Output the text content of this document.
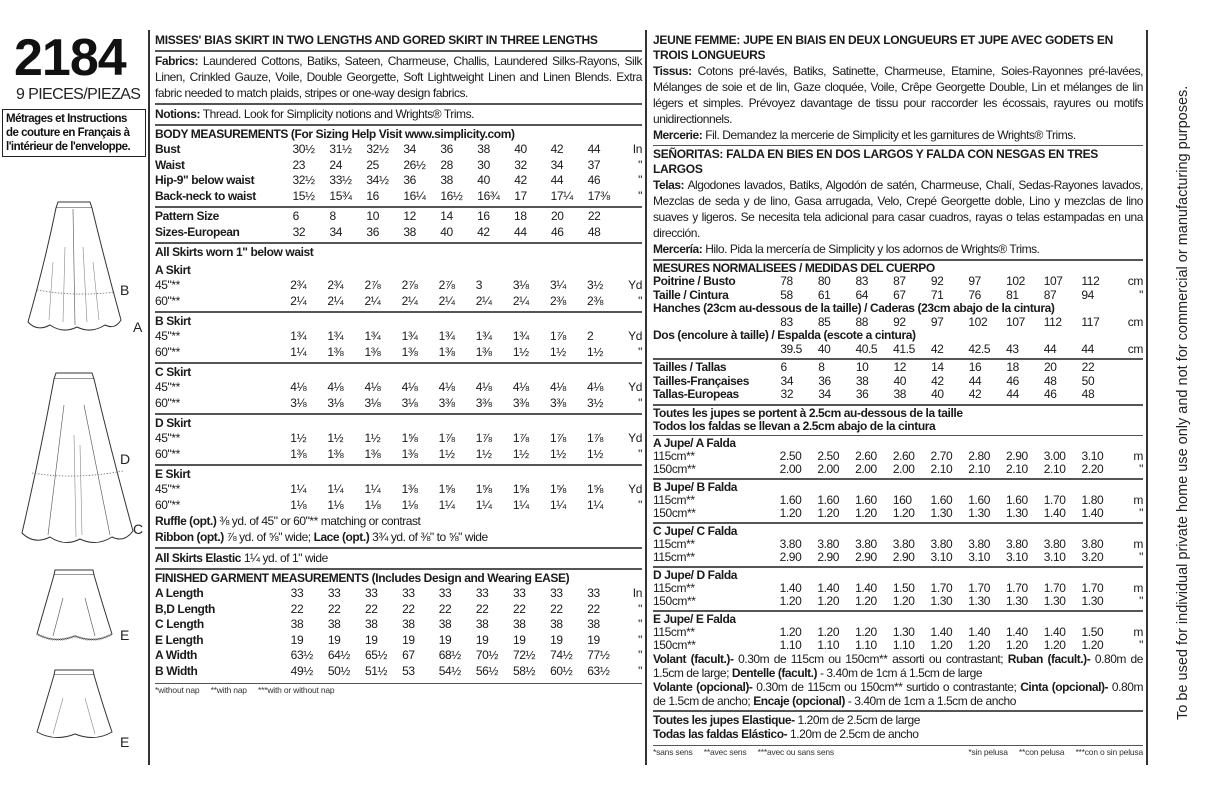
2184
9 PIECES/PIEZAS
Métrages et Instructions de couture en Français à l'intérieur de l'enveloppe.
B
A
D
C
E
E
MISSES' BIAS SKIRT IN TWO LENGTHS AND GORED SKIRT IN THREE LENGTHS
Fabrics: Laundered Cottons, Batiks, Sateen, Charmeuse, Challis, Laundered Silks-Rayons, Silk Linen, Crinkled Gauze, Voile, Double Georgette, Soft Lightweight Linen and Linen Blends. Extra fabric needed to match plaids, stripes or one-way design fabrics.
Notions: Thread. Look for Simplicity notions and Wrights® Trims.
BODY MEASUREMENTS (For Sizing Help Visit www.simplicity.com)
Bust	30½	31½	32½	34	36	38	40	42	44	In
Waist	23	24	25	26½	28	30	32	34	37	"
Hip-9" below waist	32½	33½	34½	36	38	40	42	44	46	"
Back-neck to waist	15½	15¾	16	16¼	16½	16¾	17	17¼	17⅜	"
Pattern Size	6	8	10	12	14	16	18	20	22	
Sizes-European	32	34	36	38	40	42	44	46	48	
All Skirts worn 1" below waist
A Skirt
45"**	2¾	2¾	2⅞	2⅞	2⅞	3	3⅛	3¼	3½	Yd
60"**	2¼	2¼	2¼	2¼	2¼	2¼	2¼	2⅜	2⅜	"
B Skirt
45"**	1¾	1¾	1¾	1¾	1¾	1¾	1¾	1⅞	2	Yd
60"**	1¼	1⅜	1⅜	1⅜	1⅜	1⅜	1½	1½	1½	"
C Skirt
45"**	4⅛	4⅛	4⅛	4⅛	4⅛	4⅛	4⅛	4⅛	4⅛	Yd
60"**	3⅛	3⅛	3⅛	3⅛	3⅜	3⅜	3⅜	3⅜	3½	"
D Skirt
45"**	1½	1½	1½	1⅝	1⅞	1⅞	1⅞	1⅞	1⅞	Yd
60"**	1⅜	1⅜	1⅜	1⅜	1½	1½	1½	1½	1½	"
E Skirt
45"**	1¼	1¼	1¼	1⅜	1⅝	1⅝	1⅝	1⅝	1⅝	Yd
60"**	1⅛	1⅛	1⅛	1⅛	1¼	1¼	1¼	1¼	1¼	"
Ruffle (opt.) ⅜ yd. of 45" or 60"** matching or contrast
Ribbon (opt.) ⅞ yd. of ⅝" wide; Lace (opt.) 3¾ yd. of ⅜" to ⅝" wide
All Skirts Elastic 1¼ yd. of 1" wide
FINISHED GARMENT MEASUREMENTS (Includes Design and Wearing EASE)
A Length	33	33	33	33	33	33	33	33	33	In
B,D Length	22	22	22	22	22	22	22	22	22	"
C Length	38	38	38	38	38	38	38	38	38	"
E Length	19	19	19	19	19	19	19	19	19	"
A Width	63½	64½	65½	67	68½	70½	72½	74½	77½	"
B Width	49½	50½	51½	53	54½	56½	58½	60½	63½	"
*without nap **with nap ***with or without nap
JEUNE FEMME: JUPE EN BIAIS EN DEUX LONGUEURS ET JUPE AVEC GODETS EN TROIS LONGUEURS
Tissus: Cotons pré-lavés, Batiks, Satinette, Charmeuse, Etamine, Soies-Rayonnes pré-lavées, Mélanges de soie et de lin, Gaze cloquée, Voile, Crêpe Georgette Double, Lin et mélanges de lin légers et simples. Prévoyez davantage de tissu pour raccorder les écossais, rayures ou motifs unidirectionnels.
Mercerie: Fil. Demandez la mercerie de Simplicity et les garnitures de Wrights® Trims.
SEÑORITAS: FALDA EN BIES EN DOS LARGOS Y FALDA CON NESGAS EN TRES LARGOS
Telas: Algodones lavados, Batiks, Algodón de satén, Charmeuse, Chalí, Sedas-Rayones lavados, Mezclas de seda y de lino, Gasa arrugada, Velo, Crepé Georgette doble, Lino y mezclas de lino suaves y ligeros. Se necesita tela adicional para casar cuadros, rayas o telas estampadas en una dirección.
Mercería: Hilo. Pida la mercería de Simplicity y los adornos de Wrights® Trims.
MESURES NORMALISEES / MEDIDAS DEL CUERPO
Poitrine / Busto	78	80	83	87	92	97	102	107	112	cm
Taille / Cintura	58	61	64	67	71	76	81	87	94	"
Hanches (23cm au-dessous de la taille) / Caderas (23cm abajo de la cintura)										
	83	85	88	92	97	102	107	112	117	cm
Dos (encolure à taille) / Espalda (escote a cintura)										
	39.5	40	40.5	41.5	42	42.5	43	44	44	cm
Tailles / Tallas	6	8	10	12	14	16	18	20	22	
Tailles-Françaises	34	36	38	40	42	44	46	48	50	
Tallas-Europeas	32	34	36	38	40	42	44	46	48	
Toutes les jupes se portent à 2.5cm au-dessous de la taille
Todos los faldas se llevan a 2.5cm abajo de la cintura
A Jupe/ A Falda
115cm**	2.50	2.50	2.60	2.60	2.70	2.80	2.90	3.00	3.10	m
150cm**	2.00	2.00	2.00	2.00	2.10	2.10	2.10	2.10	2.20	"
B Jupe/ B Falda
115cm**	1.60	1.60	1.60	160	1.60	1.60	1.60	1.70	1.80	m
150cm**	1.20	1.20	1.20	1.20	1.30	1.30	1.30	1.40	1.40	"
C Jupe/ C Falda
115cm**	3.80	3.80	3.80	3.80	3.80	3.80	3.80	3.80	3.80	m
115cm**	2.90	2.90	2.90	2.90	3.10	3.10	3.10	3.10	3.20	"
D Jupe/ D Falda
115cm**	1.40	1.40	1.40	1.50	1.70	1.70	1.70	1.70	1.70	m
150cm**	1.20	1.20	1.20	1.20	1.30	1.30	1.30	1.30	1.30	"
E Jupe/ E Falda
115cm**	1.20	1.20	1.20	1.30	1.40	1.40	1.40	1.40	1.50	m
150cm**	1.10	1.10	1.10	1.10	1.20	1.20	1.20	1.20	1.20	"
Volant (facult.)- 0.30m de 115cm ou 150cm** assorti ou contrastant; Ruban (facult.)- 0.80m de 1.5cm de large; Dentelle (facult.) - 3.40m de 1cm á 1.5cm de large
Volante (opcional)- 0.30m de 115cm ou 150cm** surtido o contrastante; Cinta (opcional)- 0.80m de 1.5cm de ancho; Encaje (opcional) - 3.40m de 1cm a 1.5cm de ancho
Toutes les jupes Elastique- 1.20m de 2.5cm de large
Todas las faldas Elástico- 1.20m de 2.5cm de ancho
*sans sens **avec sens ***avec ou sans sens	*sin pelusa **con pelusa ***con o sin pelusa
To be used for individual private home use only and not for commercial or manufacturing purposes.
